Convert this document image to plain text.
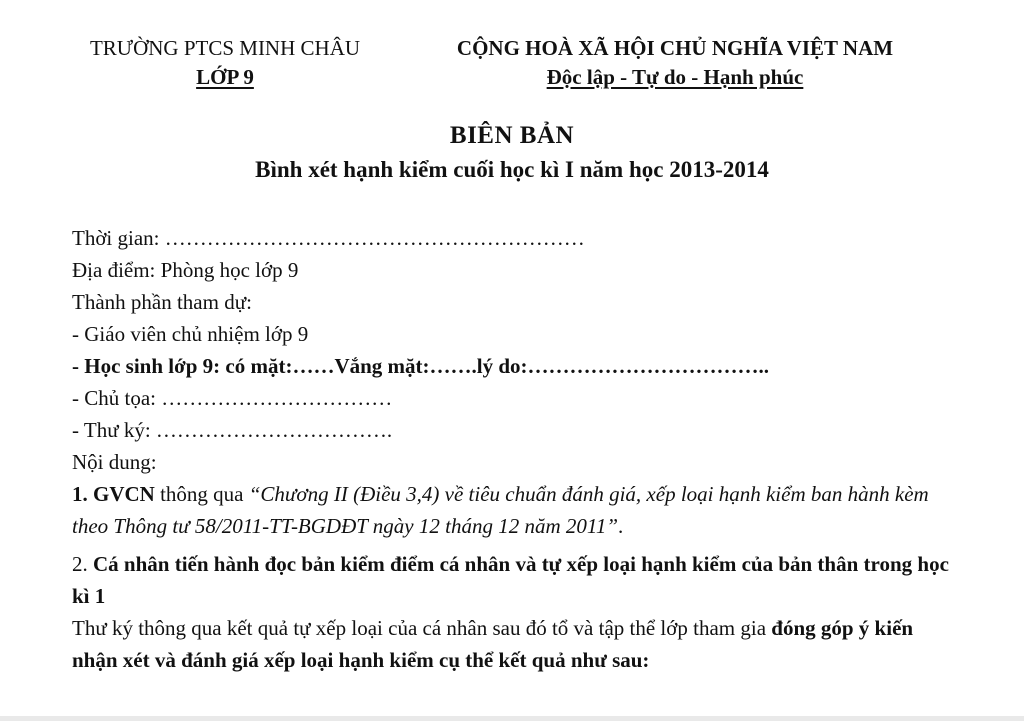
TRƯỜNG PTCS MINH CHÂU
LỚP 9
CỘNG HOÀ XÃ HỘI CHỦ NGHĨA VIỆT NAM
Độc lập - Tự do - Hạnh phúc
BIÊN BẢN
Bình xét hạnh kiểm cuối học kì I năm học 2013-2014
Thời gian: ……………………………………………………
Địa điểm: Phòng học lớp 9
Thành phần tham dự:
- Giáo viên chủ nhiệm lớp 9
- Học sinh lớp 9: có mặt:……Vắng mặt:…….lý do:……………………………..
- Chủ tọa: ……………………………
- Thư ký: …………………………….
Nội dung:
1. GVCN thông qua “Chương II (Điều 3,4) về tiêu chuẩn đánh giá, xếp loại hạnh kiểm ban hành kèm theo Thông tư 58/2011-TT-BGDĐT ngày 12 tháng 12 năm 2011”.
2. Cá nhân tiến hành đọc bản kiểm điểm cá nhân và tự xếp loại hạnh kiểm của bản thân trong học kì 1
Thư ký thông qua kết quả tự xếp loại của cá nhân sau đó tổ và tập thể lớp tham gia đóng góp ý kiến nhận xét và đánh giá xếp loại hạnh kiểm cụ thể kết quả như sau:
